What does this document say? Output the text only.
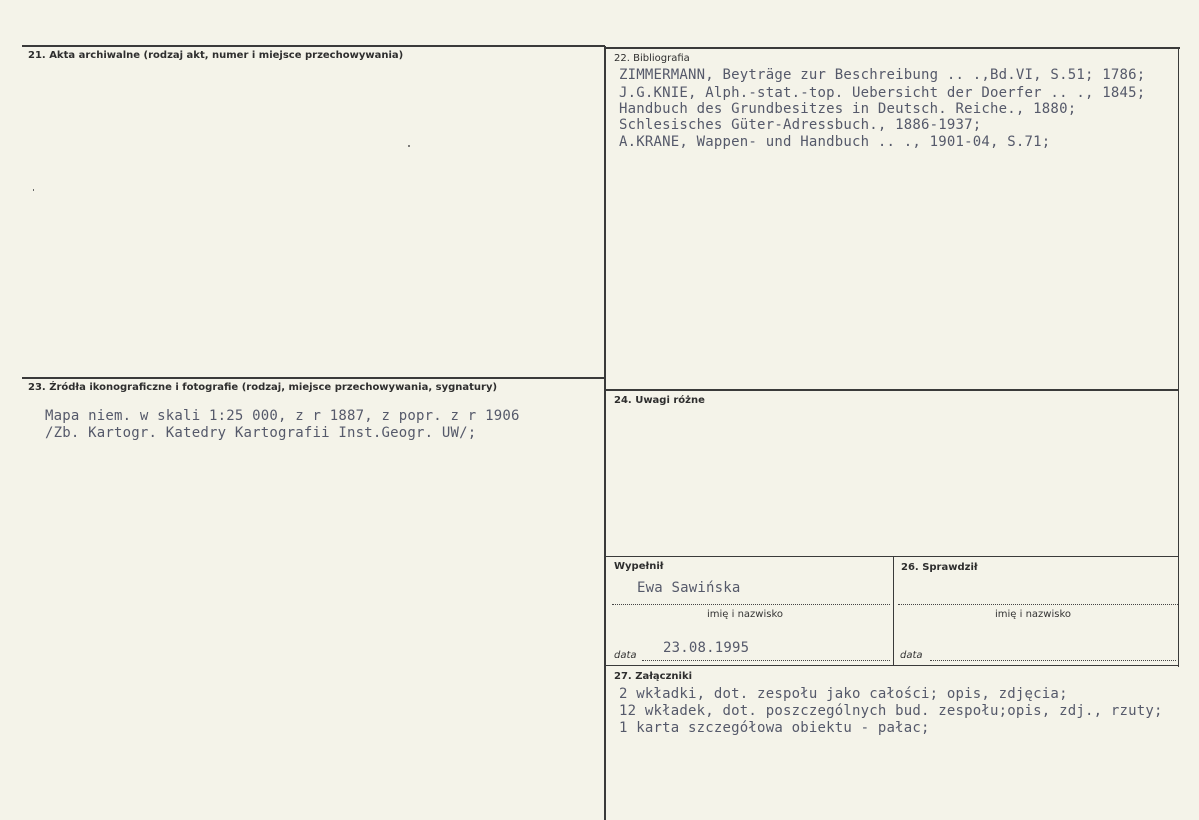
21. Akta archiwalne (rodzaj akt, numer i miejsce przechowywania)	22. Bibliografia
ZIMMERMANN, Beyträge zur Beschreibung .. .,Bd.VI, S.51; 1786;
J.G.KNIE, Alph.-stat.-top. Uebersicht der Doerfer .. ., 1845;
Handbuch des Grundbesitzes in Deutsch. Reiche., 1880;
Schlesisches Güter-Adressbuch., 1886-1937;
A.KRANE, Wappen- und Handbuch .. ., 1901-04, S.71;
23. Źródła ikonograficzne i fotografie (rodzaj, miejsce przechowywania, sygnatury)
Mapa niem. w skali 1:25 000, z r 1887, z popr. z r 1906
/Zb. Kartogr. Katedry Kartografii Inst.Geogr. UW/;
24. Uwagi różne
Wypełnił
Ewa Sawińska
imię i nazwisko
data 23.08.1995
26. Sprawdził
imię i nazwisko
data
27. Załączniki
2 wkładki, dot. zespołu jako całości; opis, zdjęcia;
12 wkładek, dot. poszczególnych bud. zespołu;opis, zdj., rzuty;
1 karta szczegółowa obiektu - pałac;
